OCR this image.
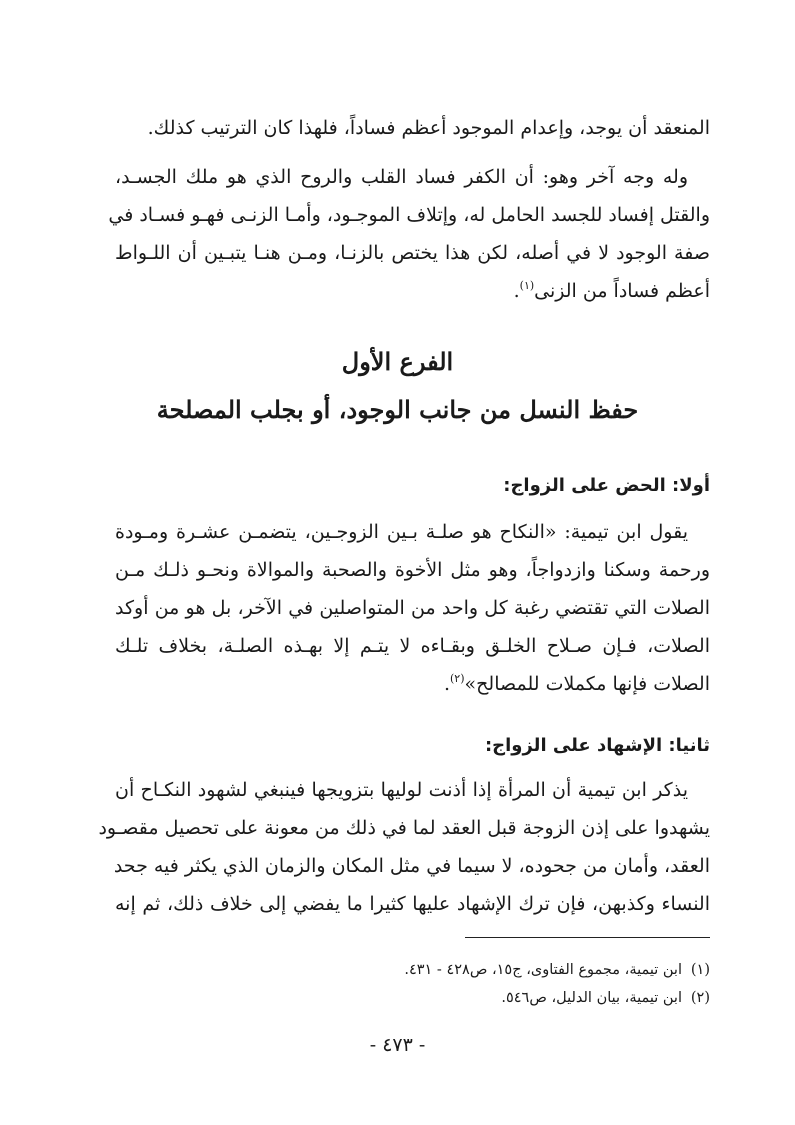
المنعقد أن يوجد، وإعدام الموجود أعظم فساداً، فلهذا كان الترتيب كذلك.
وله وجه آخر وهو: أن الكفر فساد القلب والروح الذي هو ملك الجسـد،
والقتل إفساد للجسد الحامل له، وإتلاف الموجـود، وأمـا الزنـى فهـو فسـاد في
صفة الوجود لا في أصله، لكن هذا يختص بالزنـا، ومـن هنـا يتبـين أن اللـواط
أعظم فساداً من الزنى$^{(١)}$.
الفرع الأول
حفظ النسل من جانب الوجود، أو بجلب المصلحة
أولا: الحض على الزواج:
يقول ابن تيمية: «النكاح هو صلـة بـين الزوجـين، يتضمـن عشـرة ومـودة
ورحمة وسكنا وازدواجاً، وهو مثل الأخوة والصحبة والموالاة ونحـو ذلـك مـن
الصلات التي تقتضي رغبة كل واحد من المتواصلين في الآخر، بل هو من أوكد
الصلات، فـإن صـلاح الخلـق وبقـاءه لا يتـم إلا بهـذه الصلـة، بخلاف تلـك
الصلات فإنها مكملات للمصالح»$^{(٢)}$.
ثانيا: الإشهاد على الزواج:
يذكر ابن تيمية أن المرأة إذا أذنت لوليها بتزويجها فينبغي لشهود النكـاح أن
يشهدوا على إذن الزوجة قبل العقد لما في ذلك من معونة على تحصيل مقصـود
العقد، وأمان من جحوده، لا سيما في مثل المكان والزمان الذي يكثر فيه جحد
النساء وكذبهن، فإن ترك الإشهاد عليها كثيرا ما يفضي إلى خلاف ذلك، ثم إنه
(١)ابن تيمية، مجموع الفتاوى، ج١٥، ص٤٢٨ - ٤٣١.
(٢)ابن تيمية، بيان الدليل، ص٥٤٦.
- ٤٧٣ -
